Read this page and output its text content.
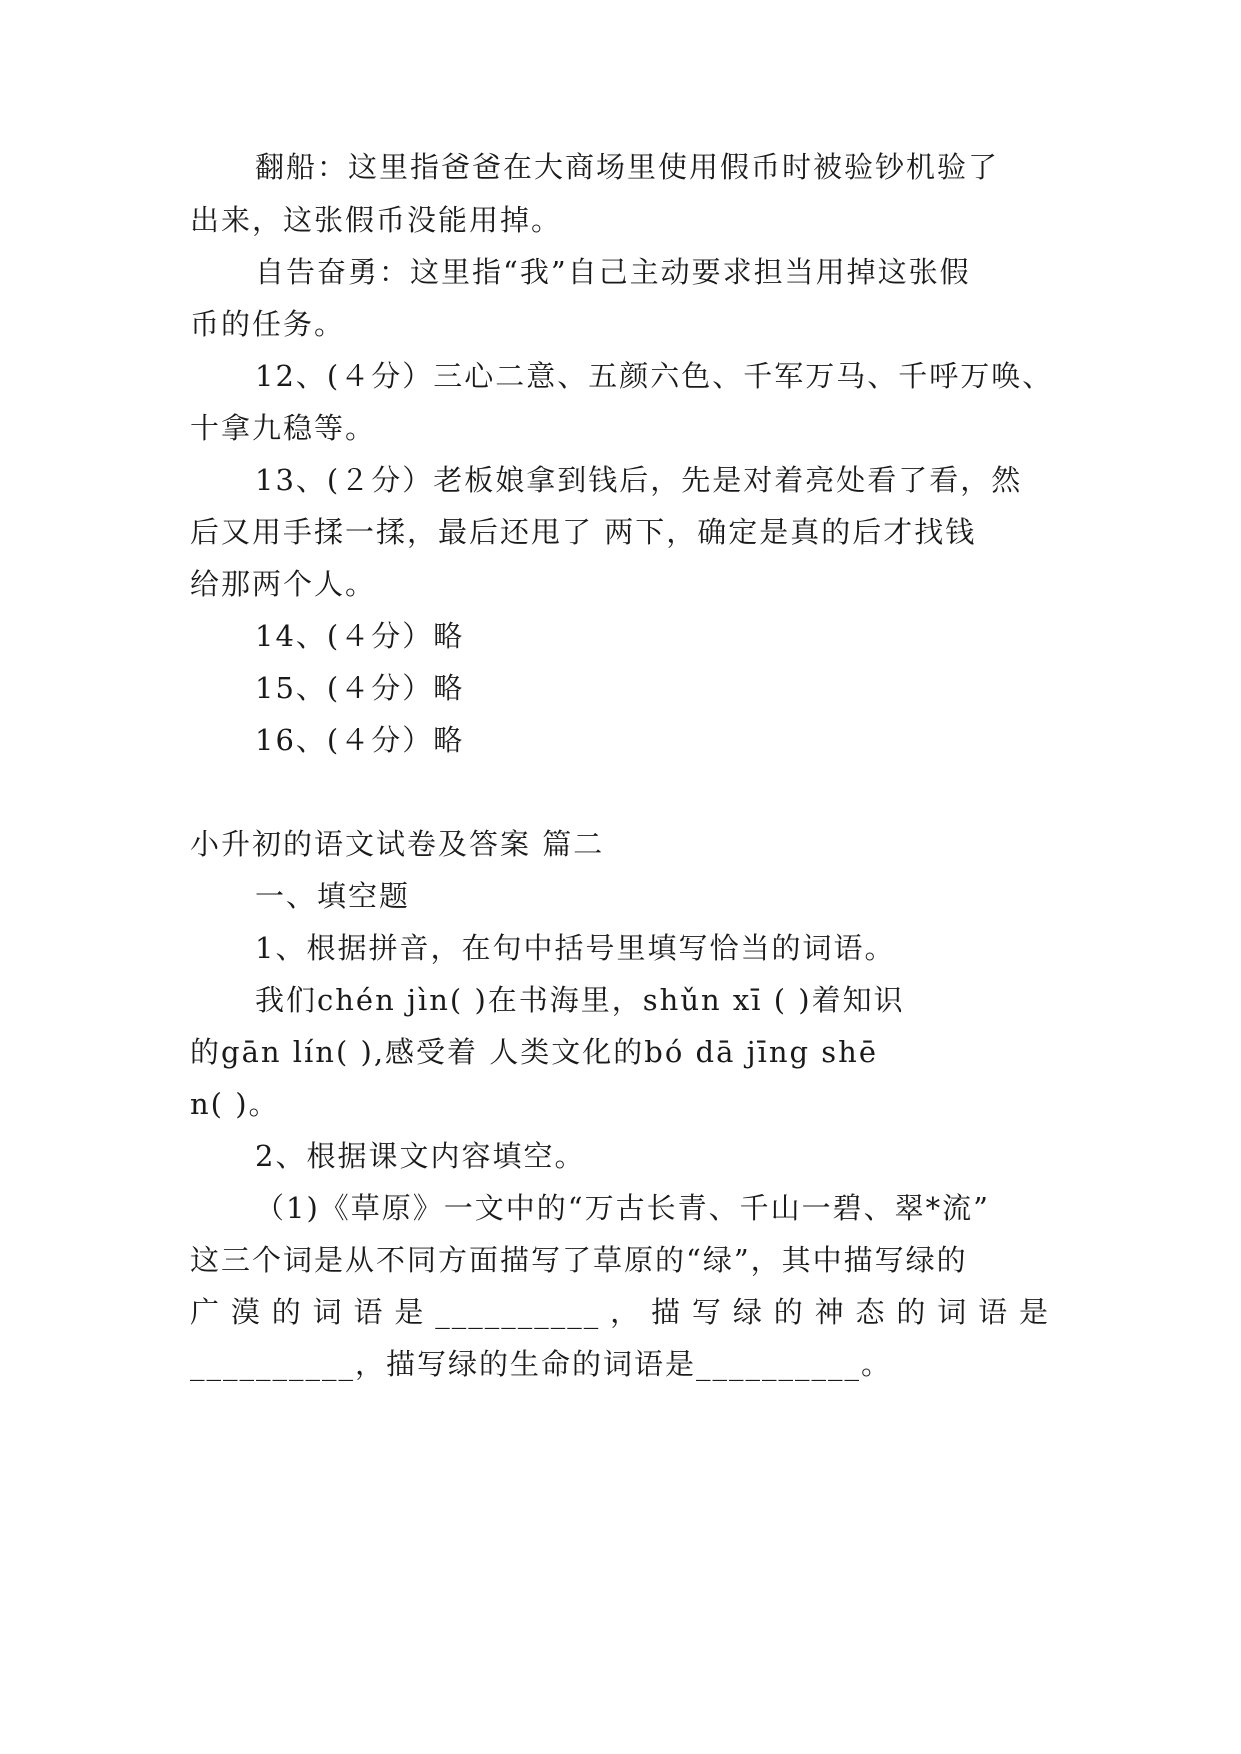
翻船：这里指爸爸在大商场里使用假币时被验钞机验了
出来，这张假币没能用掉。
自告奋勇：这里指“我”自己主动要求担当用掉这张假
币的任务。
12、(４分）三心二意、五颜六色、千军万马、千呼万唤、
十拿九稳等。
13、(２分）老板娘拿到钱后，先是对着亮处看了看，然
后又用手揉一揉，最后还甩了 两下，确定是真的后才找钱
给那两个人。
14、(４分）略
15、(４分）略
16、(４分）略
小升初的语文试卷及答案 篇二
一、填空题
1、根据拼音，在句中括号里填写恰当的词语。
我们chén jìn( )在书海里，shǔn xī ( )着知识
的gān lín( ),感受着 人类文化的bó dā jīng shē
n( )。
2、根据课文内容填空。
（1)《草原》一文中的“万古长青、千山一碧、翠*流”
这三个词是从不同方面描写了草原的“绿”，其中描写绿的
广漠的词语是__________，描写绿的神态的词语是
__________，描写绿的生命的词语是__________。
